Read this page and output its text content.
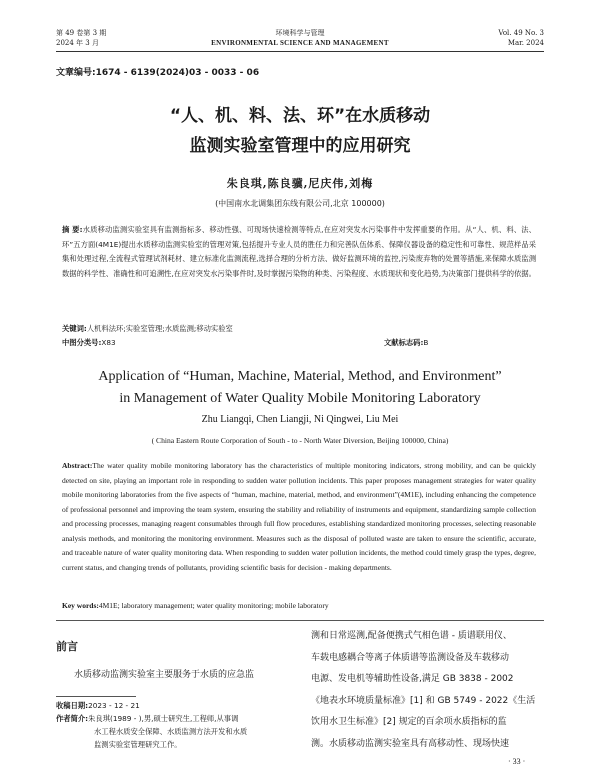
第 49 卷第 3 期
2024 年 3 月
环境科学与管理
ENVIRONMENTAL SCIENCE AND MANAGEMENT
Vol. 49 No. 3
Mar. 2024
文章编号:1674 - 6139(2024)03 - 0033 - 06
“人、机、料、法、环”在水质移动
监测实验室管理中的应用研究
朱良琪,陈良骥,尼庆伟,刘梅
(中国南水北调集团东线有限公司,北京 100000)
摘 要:水质移动监测实验室具有监测指标多、移动性强、可现场快速检测等特点,在应对突发水污染事件中发挥重要的作用。从“人、机、料、法、环”五方面(4M1E)提出水质移动监测实验室的管理对策,包括提升专业人员的胜任力和完善队伍体系、保障仪器设备的稳定性和可靠性、规范样品采集和处理过程,全流程式管理试剂耗材、建立标准化监测流程,选择合理的分析方法、做好监测环境的监控,污染废弃物的处置等措施,来保障水质监测数据的科学性、准确性和可追溯性,在应对突发水污染事件时,及时掌握污染物的种类、污染程度、水质现状和变化趋势,为决策部门提供科学的依据。
关键词:人机料法环;实验室管理;水质监测;移动实验室
中图分类号:X83	文献标志码:B
Application of “Human, Machine, Material, Method, and Environment”
in Management of Water Quality Mobile Monitoring Laboratory
Zhu Liangqi, Chen Liangji, Ni Qingwei, Liu Mei
( China Eastern Route Corporation of South - to - North Water Diversion, Beijing 100000, China)
Abstract:The water quality mobile monitoring laboratory has the characteristics of multiple monitoring indicators, strong mobility, and can be quickly detected on site, playing an important role in responding to sudden water pollution incidents. This paper proposes management strategies for water quality mobile monitoring laboratories from the five aspects of “human, machine, material, method, and environment”(4M1E), including enhancing the competence of professional personnel and improving the team system, ensuring the stability and reliability of instruments and equipment, standardizing sample collection and processing processes, managing reagent consumables through full flow procedures, establishing standardized monitoring processes, selecting reasonable analysis methods, and monitoring the monitoring environment. Measures such as the disposal of polluted waste are taken to ensure the scientific, accurate, and traceable nature of water quality monitoring data. When responding to sudden water pollution incidents, the method could timely grasp the types, degree, current status, and changing trends of pollutants, providing scientific basis for decision - making departments.
Key words:4M1E; laboratory management; water quality monitoring; mobile laboratory
前言
水质移动监测实验室主要服务于水质的应急监
收稿日期:2023 - 12 - 21
作者简介:朱良琪(1989 - ),男,硕士研究生,工程师,从事调
水工程水质安全保障、水质监测方法开发和水质
监测实验室管理研究工作。
测和日常巡测,配备便携式气相色谱 - 质谱联用仪、
车载电感耦合等离子体质谱等监测设备及车载移动
电源、发电机等辅助性设备,满足 GB 3838 - 2002
《地表水环境质量标准》[1] 和 GB 5749 - 2022《生活
饮用水卫生标准》[2] 规定的百余项水质指标的监
测。水质移动监测实验室具有高移动性、现场快速
· 33 ·
